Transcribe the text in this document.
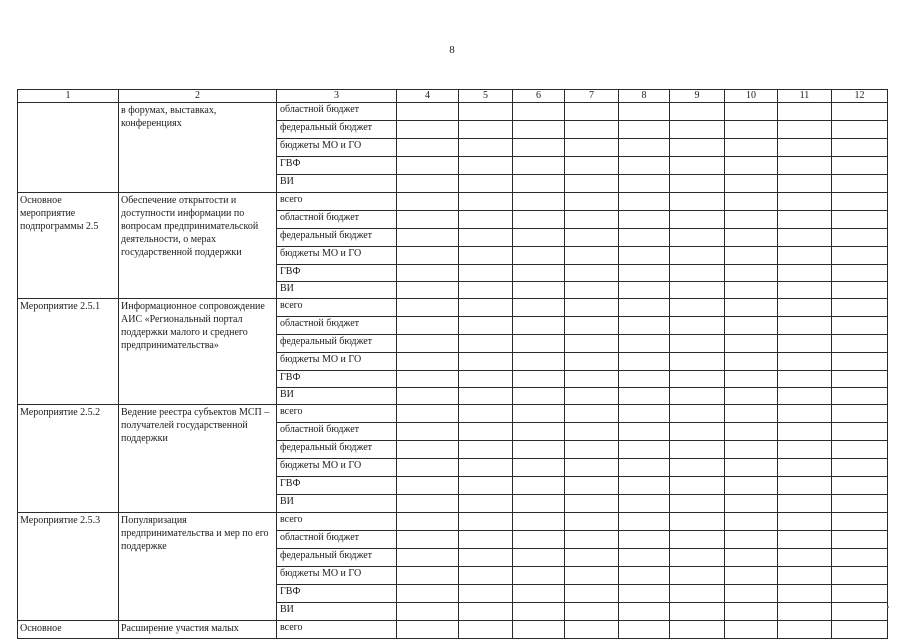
8
1	2	3	4	5	6	7	8	9	10	11	12
	в форумах, выставках, конференциях	областной бюджет									
		федеральный бюджет									
		бюджеты МО и ГО									
		ГВФ									
		ВИ									
Основное мероприятие подпрограммы 2.5	Обеспечение открытости и доступности информации по вопросам предпринимательской деятельности, о мерах государственной поддержки	всего									
		областной бюджет									
		федеральный бюджет									
		бюджеты МО и ГО									
		ГВФ									
		ВИ									
Мероприятие 2.5.1	Информационное сопровождение АИС «Региональный портал поддержки малого и среднего предпринимательства»	всего									
		областной бюджет									
		федеральный бюджет									
		бюджеты МО и ГО									
		ГВФ									
		ВИ									
Мероприятие 2.5.2	Ведение реестра субъектов МСП – получателей государственной поддержки	всего									
		областной бюджет									
		федеральный бюджет									
		бюджеты МО и ГО									
		ГВФ									
		ВИ									
Мероприятие 2.5.3	Популяризация предпринимательства и мер по его поддержке	всего									
		областной бюджет									
		федеральный бюджет									
		бюджеты МО и ГО									
		ГВФ									
		ВИ									
Основное	Расширение участия малых	всего									
